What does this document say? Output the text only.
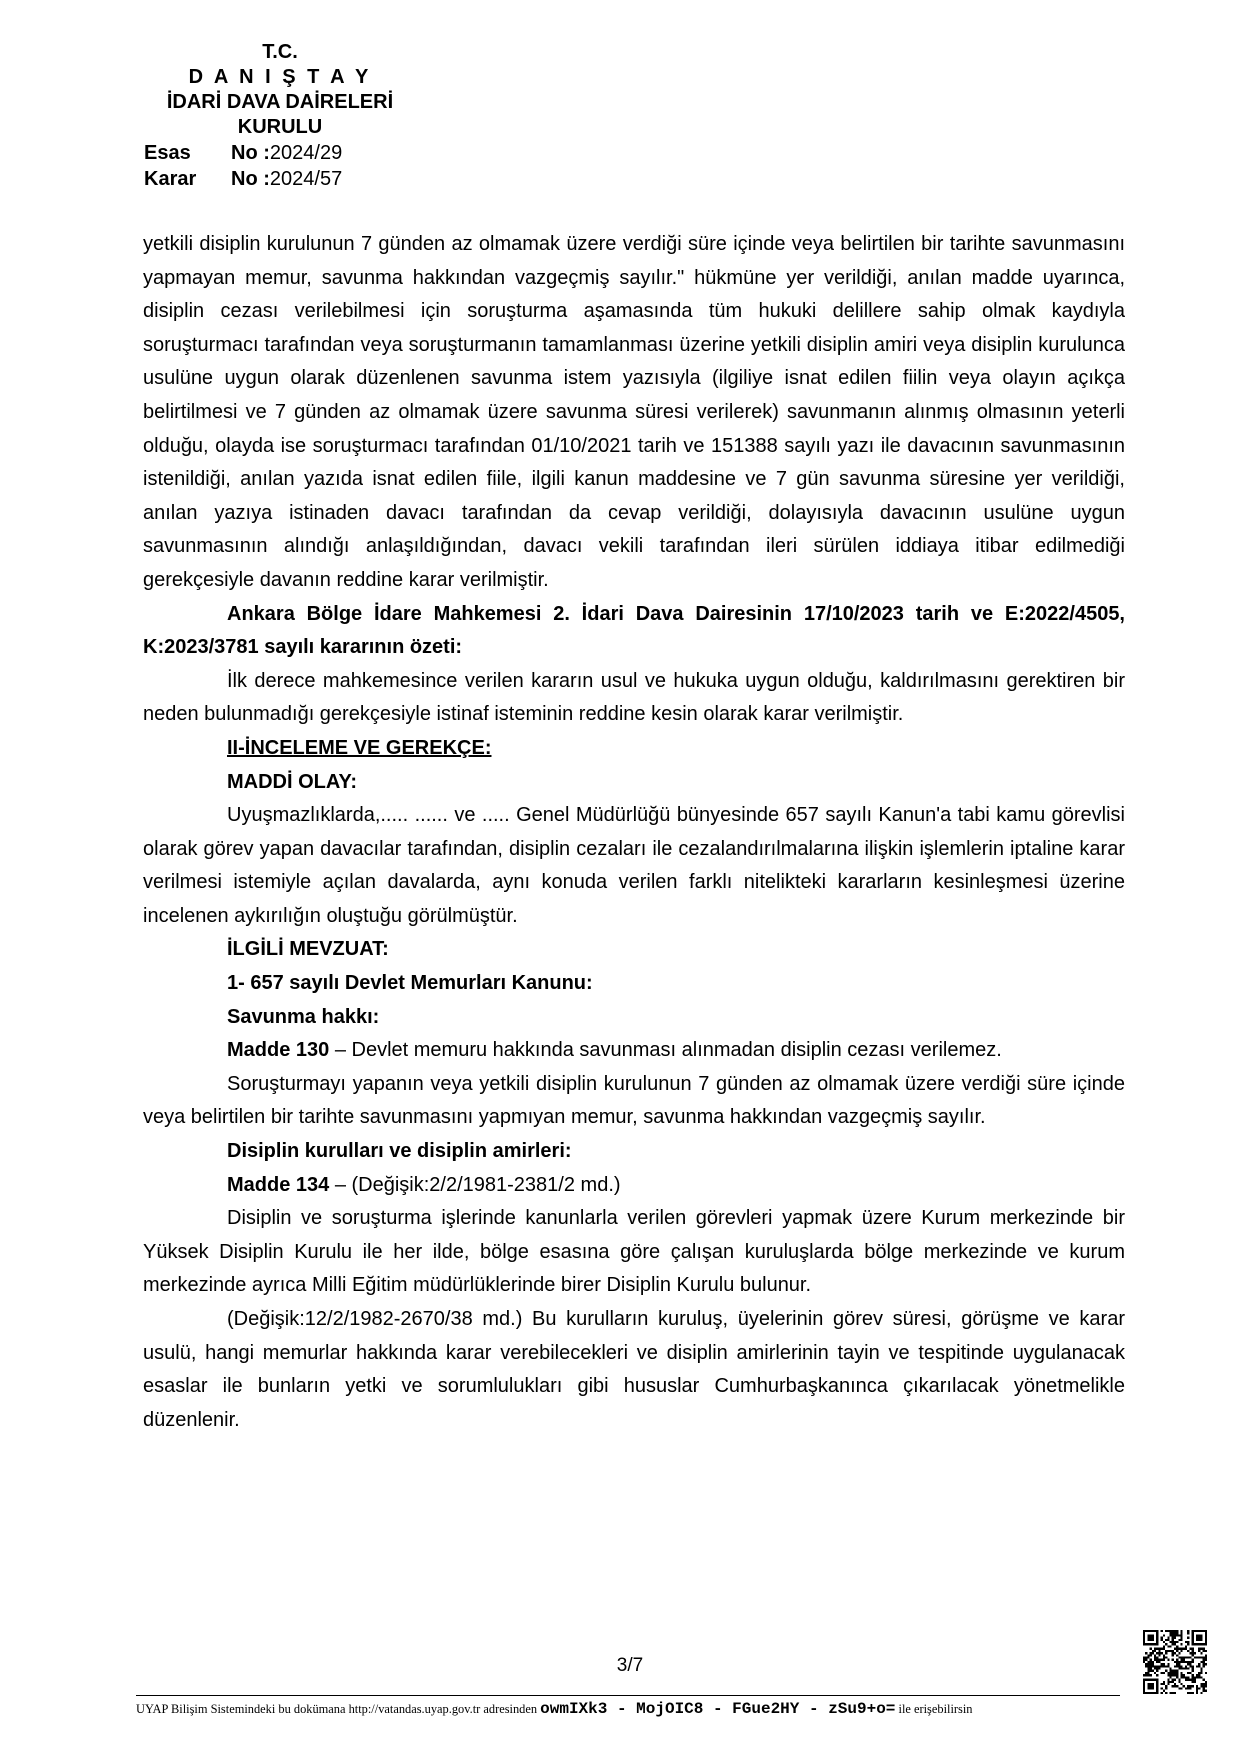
T.C.
D A N I Ş T A Y
İDARİ DAVA DAİRELERİ
KURULU
Esas No :2024/29
Karar No :2024/57

yetkili disiplin kurulunun 7 günden az olmamak üzere verdiği süre içinde veya belirtilen bir tarihte savunmasını yapmayan memur, savunma hakkından vazgeçmiş sayılır." hükmüne yer verildiği, anılan madde uyarınca, disiplin cezası verilebilmesi için soruşturma aşamasında tüm hukuki delillere sahip olmak kaydıyla soruşturmacı tarafından veya soruşturmanın tamamlanması üzerine yetkili disiplin amiri veya disiplin kurulunca usulüne uygun olarak düzenlenen savunma istem yazısıyla (ilgiliye isnat edilen fiilin veya olayın açıkça belirtilmesi ve 7 günden az olmamak üzere savunma süresi verilerek) savunmanın alınmış olmasının yeterli olduğu, olayda ise soruşturmacı tarafından 01/10/2021 tarih ve 151388 sayılı yazı ile davacının savunmasının istenildiği, anılan yazıda isnat edilen fiile, ilgili kanun maddesine ve 7 gün savunma süresine yer verildiği, anılan yazıya istinaden davacı tarafından da cevap verildiği, dolayısıyla davacının usulüne uygun savunmasının alındığı anlaşıldığından, davacı vekili tarafından ileri sürülen iddiaya itibar edilmediği gerekçesiyle davanın reddine karar verilmiştir.

Ankara Bölge İdare Mahkemesi 2. İdari Dava Dairesinin 17/10/2023 tarih ve E:2022/4505, K:2023/3781 sayılı kararının özeti:

İlk derece mahkemesince verilen kararın usul ve hukuka uygun olduğu, kaldırılmasını gerektiren bir neden bulunmadığı gerekçesiyle istinaf isteminin reddine kesin olarak karar verilmiştir.

II-İNCELEME VE GEREKÇE:

MADDİ OLAY:

Uyuşmazlıklarda,..... ...... ve ..... Genel Müdürlüğü bünyesinde 657 sayılı Kanun'a tabi kamu görevlisi olarak görev yapan davacılar tarafından, disiplin cezaları ile cezalandırılmalarına ilişkin işlemlerin iptaline karar verilmesi istemiyle açılan davalarda, aynı konuda verilen farklı nitelikteki kararların kesinleşmesi üzerine incelenen aykırılığın oluştuğu görülmüştür.

İLGİLİ MEVZUAT:

1- 657 sayılı Devlet Memurları Kanunu:

Savunma hakkı:

Madde 130 – Devlet memuru hakkında savunması alınmadan disiplin cezası verilemez.

Soruşturmayı yapanın veya yetkili disiplin kurulunun 7 günden az olmamak üzere verdiği süre içinde veya belirtilen bir tarihte savunmasını yapmıyan memur, savunma hakkından vazgeçmiş sayılır.

Disiplin kurulları ve disiplin amirleri:

Madde 134 – (Değişik:2/2/1981-2381/2 md.)

Disiplin ve soruşturma işlerinde kanunlarla verilen görevleri yapmak üzere Kurum merkezinde bir Yüksek Disiplin Kurulu ile her ilde, bölge esasına göre çalışan kuruluşlarda bölge merkezinde ve kurum merkezinde ayrıca Milli Eğitim müdürlüklerinde birer Disiplin Kurulu bulunur.

(Değişik:12/2/1982-2670/38 md.) Bu kurulların kuruluş, üyelerinin görev süresi, görüşme ve karar usulü, hangi memurlar hakkında karar verebilecekleri ve disiplin amirlerinin tayin ve tespitinde uygulanacak esaslar ile bunların yetki ve sorumlulukları gibi hususlar Cumhurbaşkanınca çıkarılacak yönetmelikle düzenlenir.

3/7
UYAP Bilişim Sistemindeki bu dokümana http://vatandas.uyap.gov.tr adresinden owmIXk3 - MojOIC8 - FGue2HY - zSu9+o= ile erişebilirsin
